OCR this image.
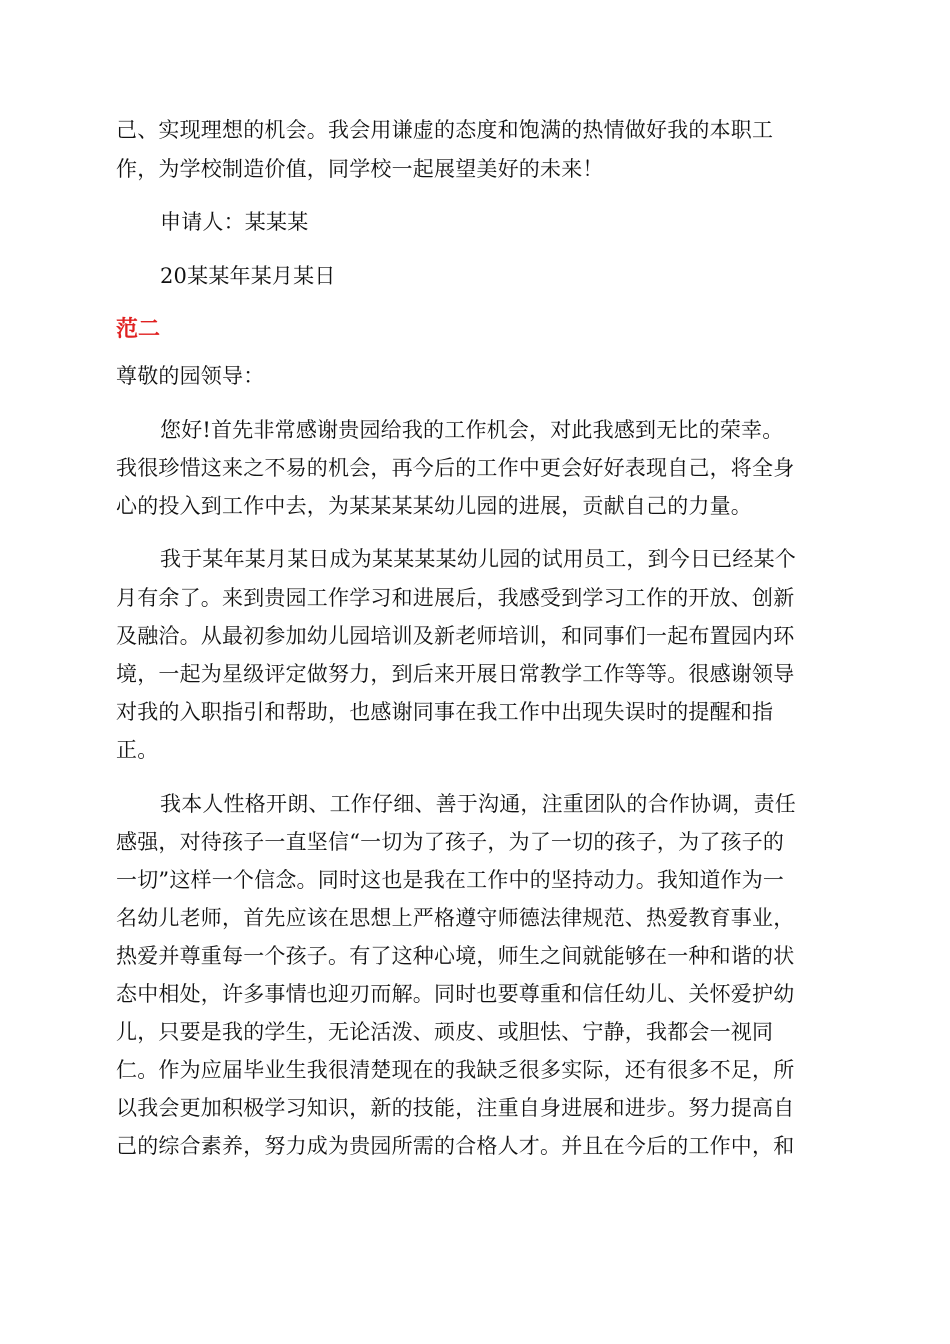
己、实现理想的机会。我会用谦虚的态度和饱满的热情做好我的本职工
作，为学校制造价值，同学校一起展望美好的未来！
申请人：某某某
20某某年某月某日
范二
尊敬的园领导：
您好!首先非常感谢贵园给我的工作机会，对此我感到无比的荣幸。
我很珍惜这来之不易的机会，再今后的工作中更会好好表现自己，将全身
心的投入到工作中去，为某某某某幼儿园的进展，贡献自己的力量。
我于某年某月某日成为某某某某幼儿园的试用员工，到今日已经某个
月有余了。来到贵园工作学习和进展后，我感受到学习工作的开放、创新
及融洽。从最初参加幼儿园培训及新老师培训，和同事们一起布置园内环
境，一起为星级评定做努力，到后来开展日常教学工作等等。很感谢领导
对我的入职指引和帮助，也感谢同事在我工作中出现失误时的提醒和指
正。
我本人性格开朗、工作仔细、善于沟通，注重团队的合作协调，责任
感强，对待孩子一直坚信“一切为了孩子，为了一切的孩子，为了孩子的
一切”这样一个信念。同时这也是我在工作中的坚持动力。我知道作为一
名幼儿老师，首先应该在思想上严格遵守师德法律规范、热爱教育事业，
热爱并尊重每一个孩子。有了这种心境，师生之间就能够在一种和谐的状
态中相处，许多事情也迎刃而解。同时也要尊重和信任幼儿、关怀爱护幼
儿，只要是我的学生，无论活泼、顽皮、或胆怯、宁静，我都会一视同
仁。作为应届毕业生我很清楚现在的我缺乏很多实际，还有很多不足，所
以我会更加积极学习知识，新的技能，注重自身进展和进步。努力提高自
己的综合素养，努力成为贵园所需的合格人才。并且在今后的工作中，和
